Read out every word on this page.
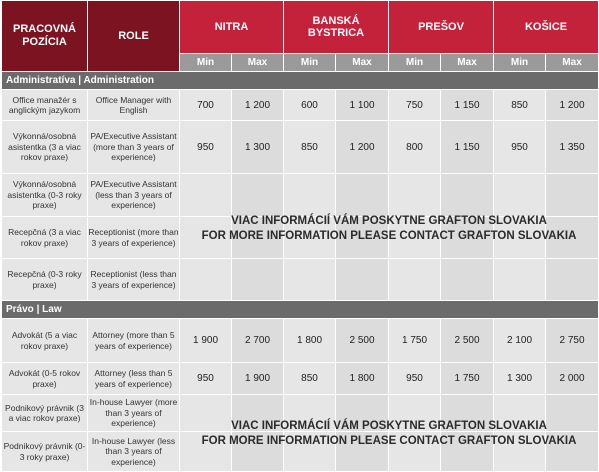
PRACOVNÁ POZÍCIA	ROLE	NITRA		BANSKÁ BYSTRICA		PREŠOV		KOŠICE	
		Min	Max	Min	Max	Min	Max	Min	Max
Administratíva | Administration									
Office manažér s anglickým jazykom	Office Manager with English	700	1 200	600	1 100	750	1 150	850	1 200
Výkonná/osobná asistentka (3 a viac rokov praxe)	PA/Executive Assistant (more than 3 years of experience)	950	1 300	850	1 200	800	1 150	950	1 350
Výkonná/osobná asistentka (0-3 roky praxe)	PA/Executive Assistant (less than 3 years of experience)								
Recepčná (3 a viac rokov praxe)	Receptionist (more than 3 years of experience)								
Recepčná (0-3 roky praxe)	Receptionist (less than 3 years of experience)								
Právo | Law									
Advokát (5 a viac rokov praxe)	Attorney (more than 5 years of experience)	1 900	2 700	1 800	2 500	1 750	2 500	2 100	2 750
Advokát (0-5 rokov praxe)	Attorney (less than 5 years of experience)	950	1 900	850	1 800	950	1 750	1 300	2 000
Podnikový právnik (3 a viac rokov praxe)	In-house Lawyer (more than 3 years of experience)								
Podnikový právnik (0-3 roky praxe)	In-house Lawyer (less than 3 years of experience)								
VIAC INFORMÁCIÍ VÁM POSKYTNE GRAFTON SLOVAKIA
FOR MORE INFORMATION PLEASE CONTACT GRAFTON SLOVAKIA
VIAC INFORMÁCIÍ VÁM POSKYTNE GRAFTON SLOVAKIA
FOR MORE INFORMATION PLEASE CONTACT GRAFTON SLOVAKIA
